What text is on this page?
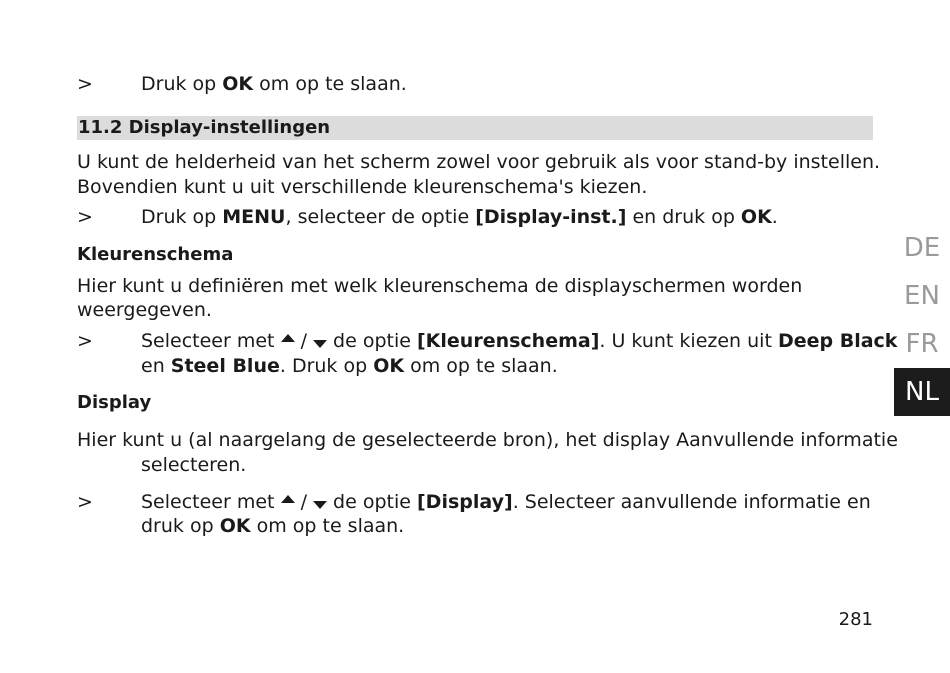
>	Druk op OK om op te slaan.
11.2 Display-instellingen
U kunt de helderheid van het scherm zowel voor gebruik als voor stand-by instellen.
Bovendien kunt u uit verschillende kleurenschema's kiezen.
>	Druk op MENU, selecteer de optie [Display-inst.] en druk op OK.
Kleurenschema
Hier kunt u definiëren met welk kleurenschema de displayschermen worden
weergegeven.
>	Selecteer met  /  de optie [Kleurenschema]. U kunt kiezen uit Deep Black
en Steel Blue. Druk op OK om op te slaan.
Display
Hier kunt u (al naargelang de geselecteerde bron), het display Aanvullende informatie
selecteren.
>	Selecteer met  /  de optie [Display]. Selecteer aanvullende informatie en
druk op OK om op te slaan.
DE
EN
FR
NL
281
